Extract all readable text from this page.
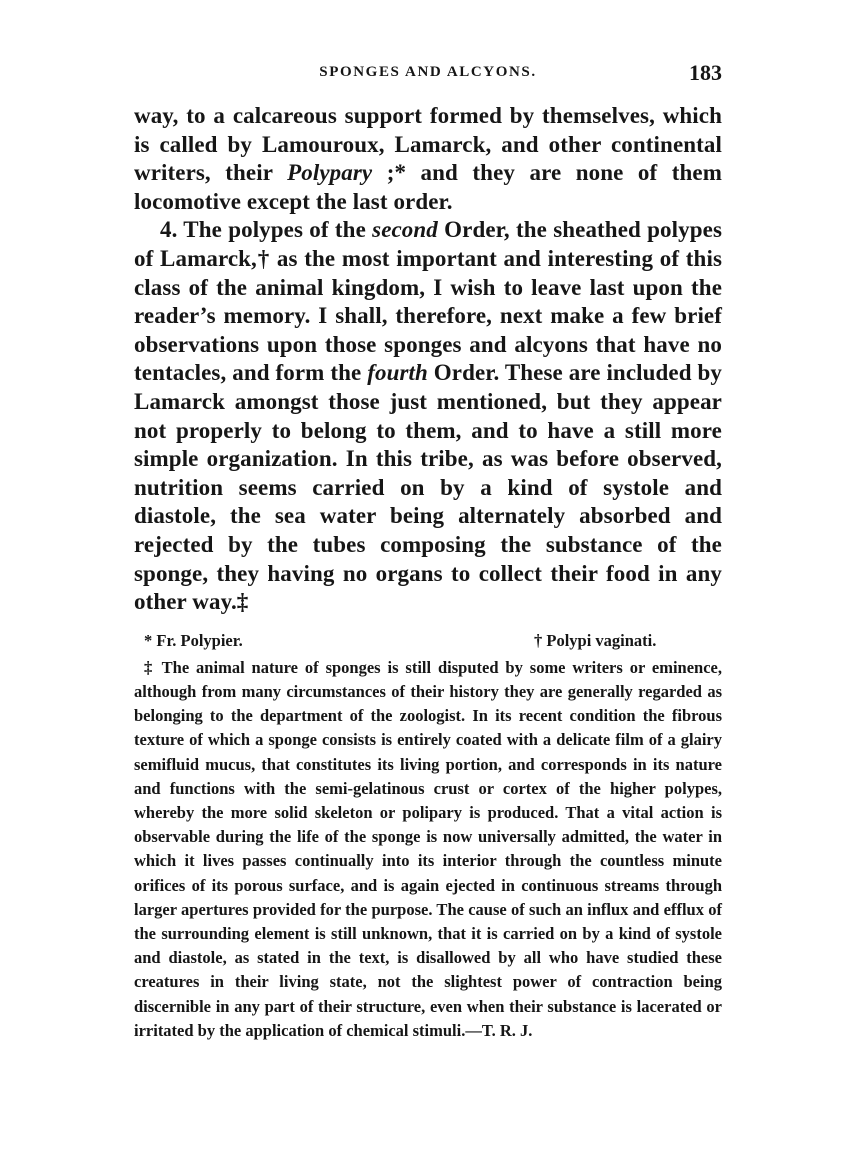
SPONGES AND ALCYONS.	183

way, to a calcareous support formed by themselves, which is called by Lamouroux, Lamarck, and other continental writers, their Polypary ;* and they are none of them locomotive except the last order.

4. The polypes of the second Order, the sheathed polypes of Lamarck,† as the most important and interesting of this class of the animal kingdom, I wish to leave last upon the reader’s memory. I shall, therefore, next make a few brief observations upon those sponges and alcyons that have no tentacles, and form the fourth Order. These are included by Lamarck amongst those just mentioned, but they appear not properly to belong to them, and to have a still more simple organization. In this tribe, as was before observed, nutrition seems carried on by a kind of systole and diastole, the sea water being alternately absorbed and rejected by the tubes composing the substance of the sponge, they having no organs to collect their food in any other way.‡

* Fr. Polypier.	† Polypi vaginati.

‡ The animal nature of sponges is still disputed by some writers or eminence, although from many circumstances of their history they are generally regarded as belonging to the department of the zoologist. In its recent condition the fibrous texture of which a sponge consists is entirely coated with a delicate film of a glairy semifluid mucus, that constitutes its living portion, and corresponds in its nature and functions with the semi-gelatinous crust or cortex of the higher polypes, whereby the more solid skeleton or polipary is produced. That a vital action is observable during the life of the sponge is now universally admitted, the water in which it lives passes continually into its interior through the countless minute orifices of its porous surface, and is again ejected in continuous streams through larger apertures provided for the purpose. The cause of such an influx and efflux of the surrounding element is still unknown, that it is carried on by a kind of systole and diastole, as stated in the text, is disallowed by all who have studied these creatures in their living state, not the slightest power of contraction being discernible in any part of their structure, even when their substance is lacerated or irritated by the application of chemical stimuli.—T. R. J.
